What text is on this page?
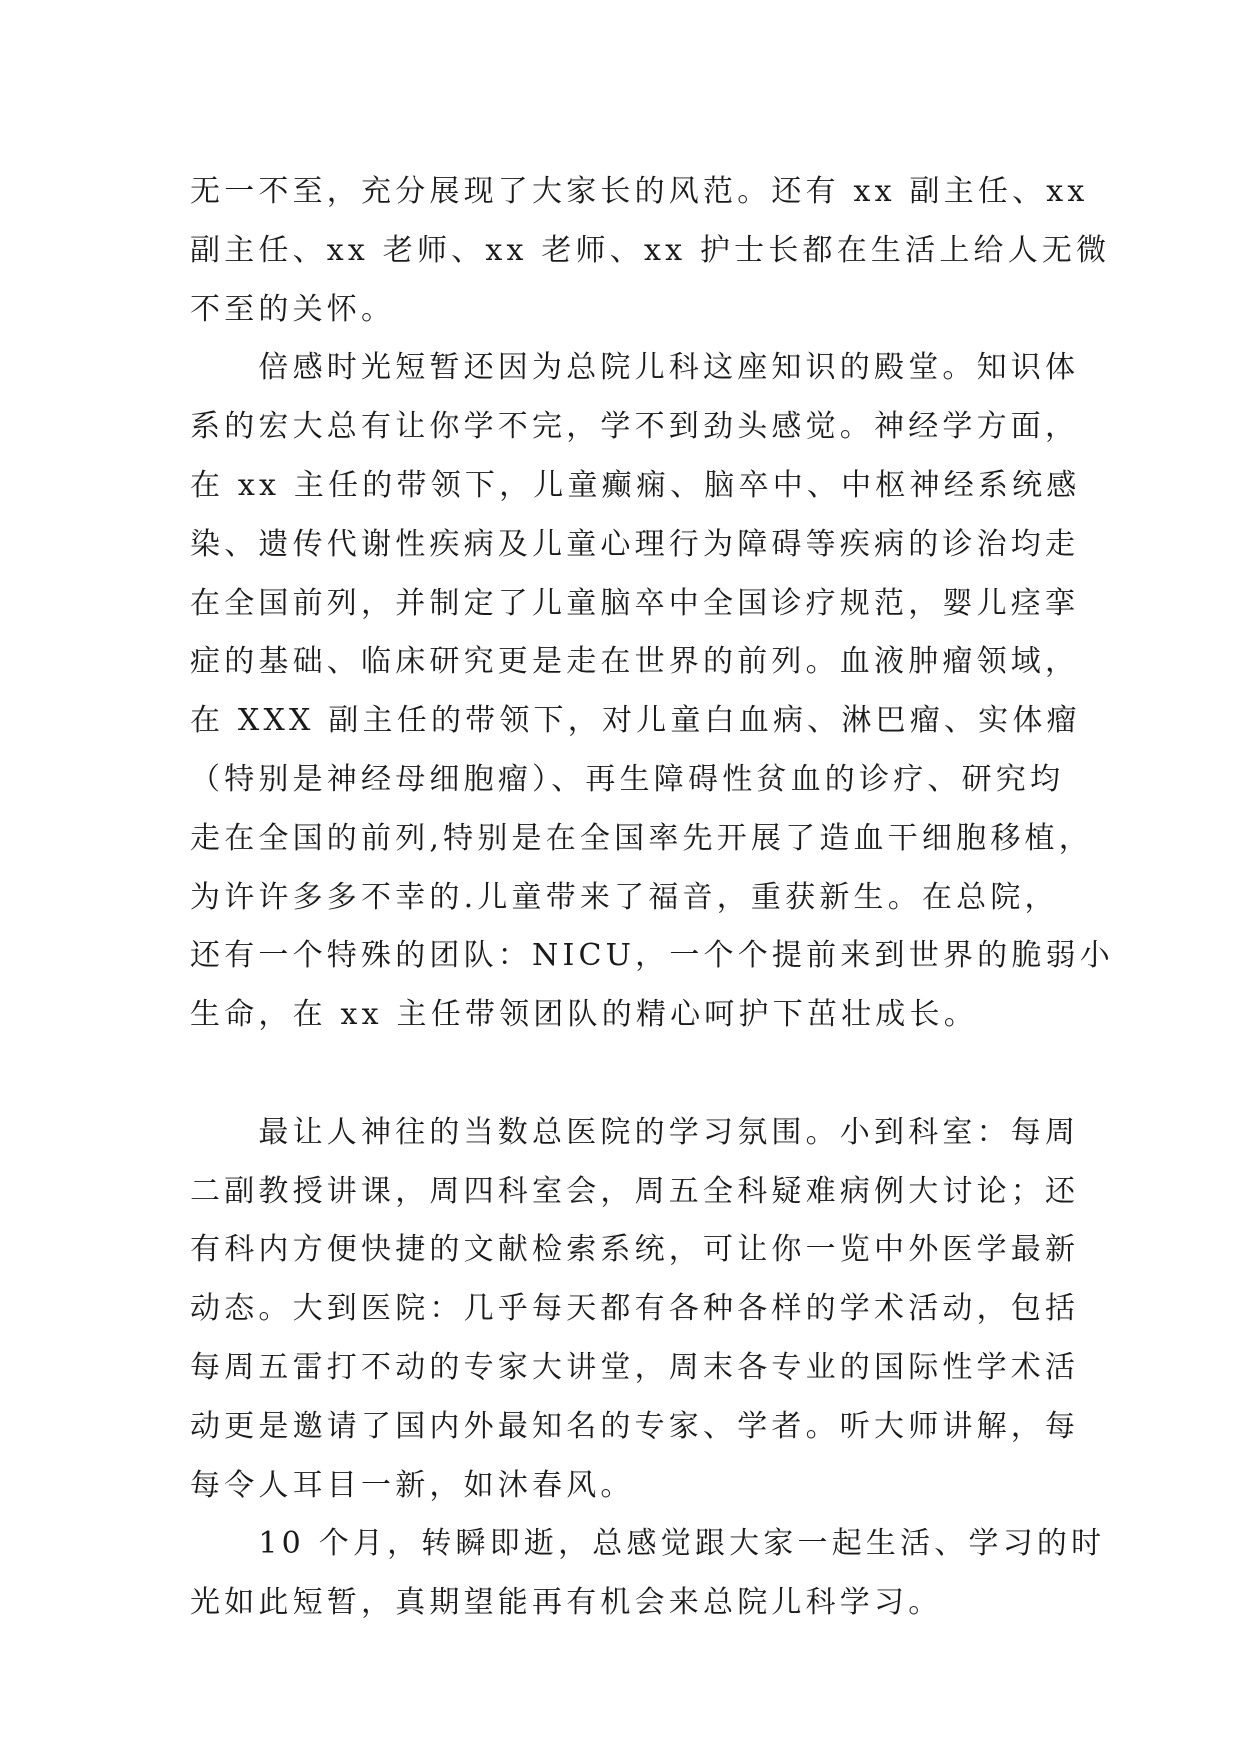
无一不至，充分展现了大家长的风范。还有 xx 副主任、xx
副主任、xx 老师、xx 老师、xx 护士长都在生活上给人无微
不至的关怀。
　　倍感时光短暂还因为总院儿科这座知识的殿堂。知识体
系的宏大总有让你学不完，学不到劲头感觉。神经学方面，
在 xx 主任的带领下，儿童癫痫、脑卒中、中枢神经系统感
染、遗传代谢性疾病及儿童心理行为障碍等疾病的诊治均走
在全国前列，并制定了儿童脑卒中全国诊疗规范，婴儿痉挛
症的基础、临床研究更是走在世界的前列。血液肿瘤领域，
在 XXX 副主任的带领下，对儿童白血病、淋巴瘤、实体瘤
（特别是神经母细胞瘤）、再生障碍性贫血的诊疗、研究均
走在全国的前列,特别是在全国率先开展了造血干细胞移植，
为许许多多不幸的.儿童带来了福音，重获新生。在总院，
还有一个特殊的团队：NICU，一个个提前来到世界的脆弱小
生命，在 xx 主任带领团队的精心呵护下茁壮成长。
　　最让人神往的当数总医院的学习氛围。小到科室：每周
二副教授讲课，周四科室会，周五全科疑难病例大讨论；还
有科内方便快捷的文献检索系统，可让你一览中外医学最新
动态。大到医院：几乎每天都有各种各样的学术活动，包括
每周五雷打不动的专家大讲堂，周末各专业的国际性学术活
动更是邀请了国内外最知名的专家、学者。听大师讲解，每
每令人耳目一新，如沐春风。
　　10 个月，转瞬即逝，总感觉跟大家一起生活、学习的时
光如此短暂，真期望能再有机会来总院儿科学习。
